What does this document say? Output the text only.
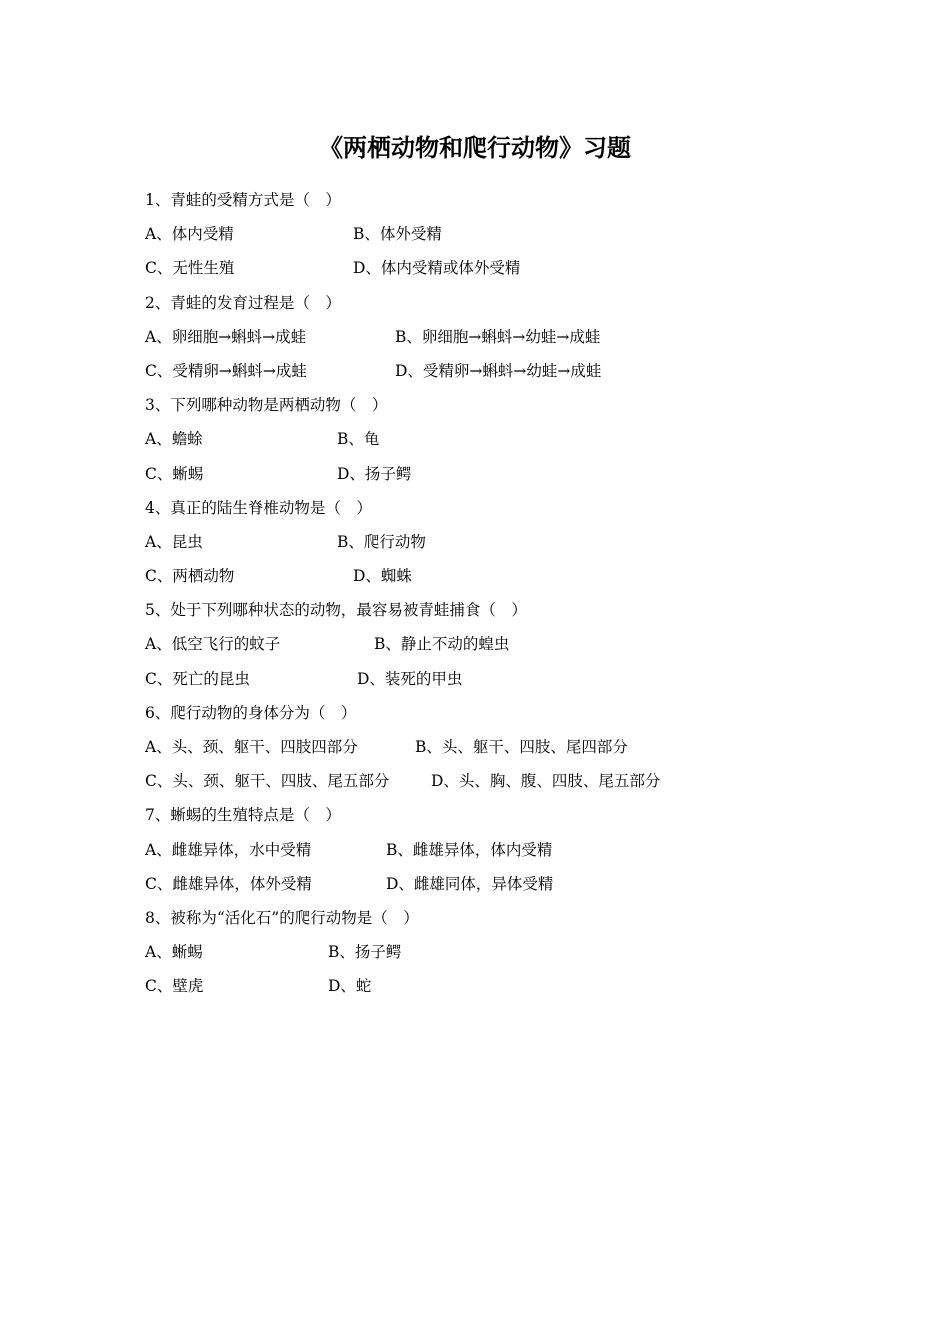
《两栖动物和爬行动物》习题
1、青蛙的受精方式是（　）
A、体内受精	B、体外受精
C、无性生殖	D、体内受精或体外受精
2、青蛙的发育过程是（　）
A、卵细胞→蝌蚪→成蛙	B、卵细胞→蝌蚪→幼蛙→成蛙
C、受精卵→蝌蚪→成蛙	D、受精卵→蝌蚪→幼蛙→成蛙
3、下列哪种动物是两栖动物（　）
A、蟾蜍	B、龟
C、蜥蜴	D、扬子鳄
4、真正的陆生脊椎动物是（　）
A、昆虫	B、爬行动物
C、两栖动物	D、蜘蛛
5、处于下列哪种状态的动物，最容易被青蛙捕食（　）
A、低空飞行的蚊子	B、静止不动的蝗虫
C、死亡的昆虫	D、装死的甲虫
6、爬行动物的身体分为（　）
A、头、颈、躯干、四肢四部分	B、头、躯干、四肢、尾四部分
C、头、颈、躯干、四肢、尾五部分	D、头、胸、腹、四肢、尾五部分
7、蜥蜴的生殖特点是（　）
A、雌雄异体，水中受精	B、雌雄异体，体内受精
C、雌雄异体，体外受精	D、雌雄同体，异体受精
8、被称为“活化石”的爬行动物是（　）
A、蜥蜴	B、扬子鳄
C、壁虎	D、蛇
